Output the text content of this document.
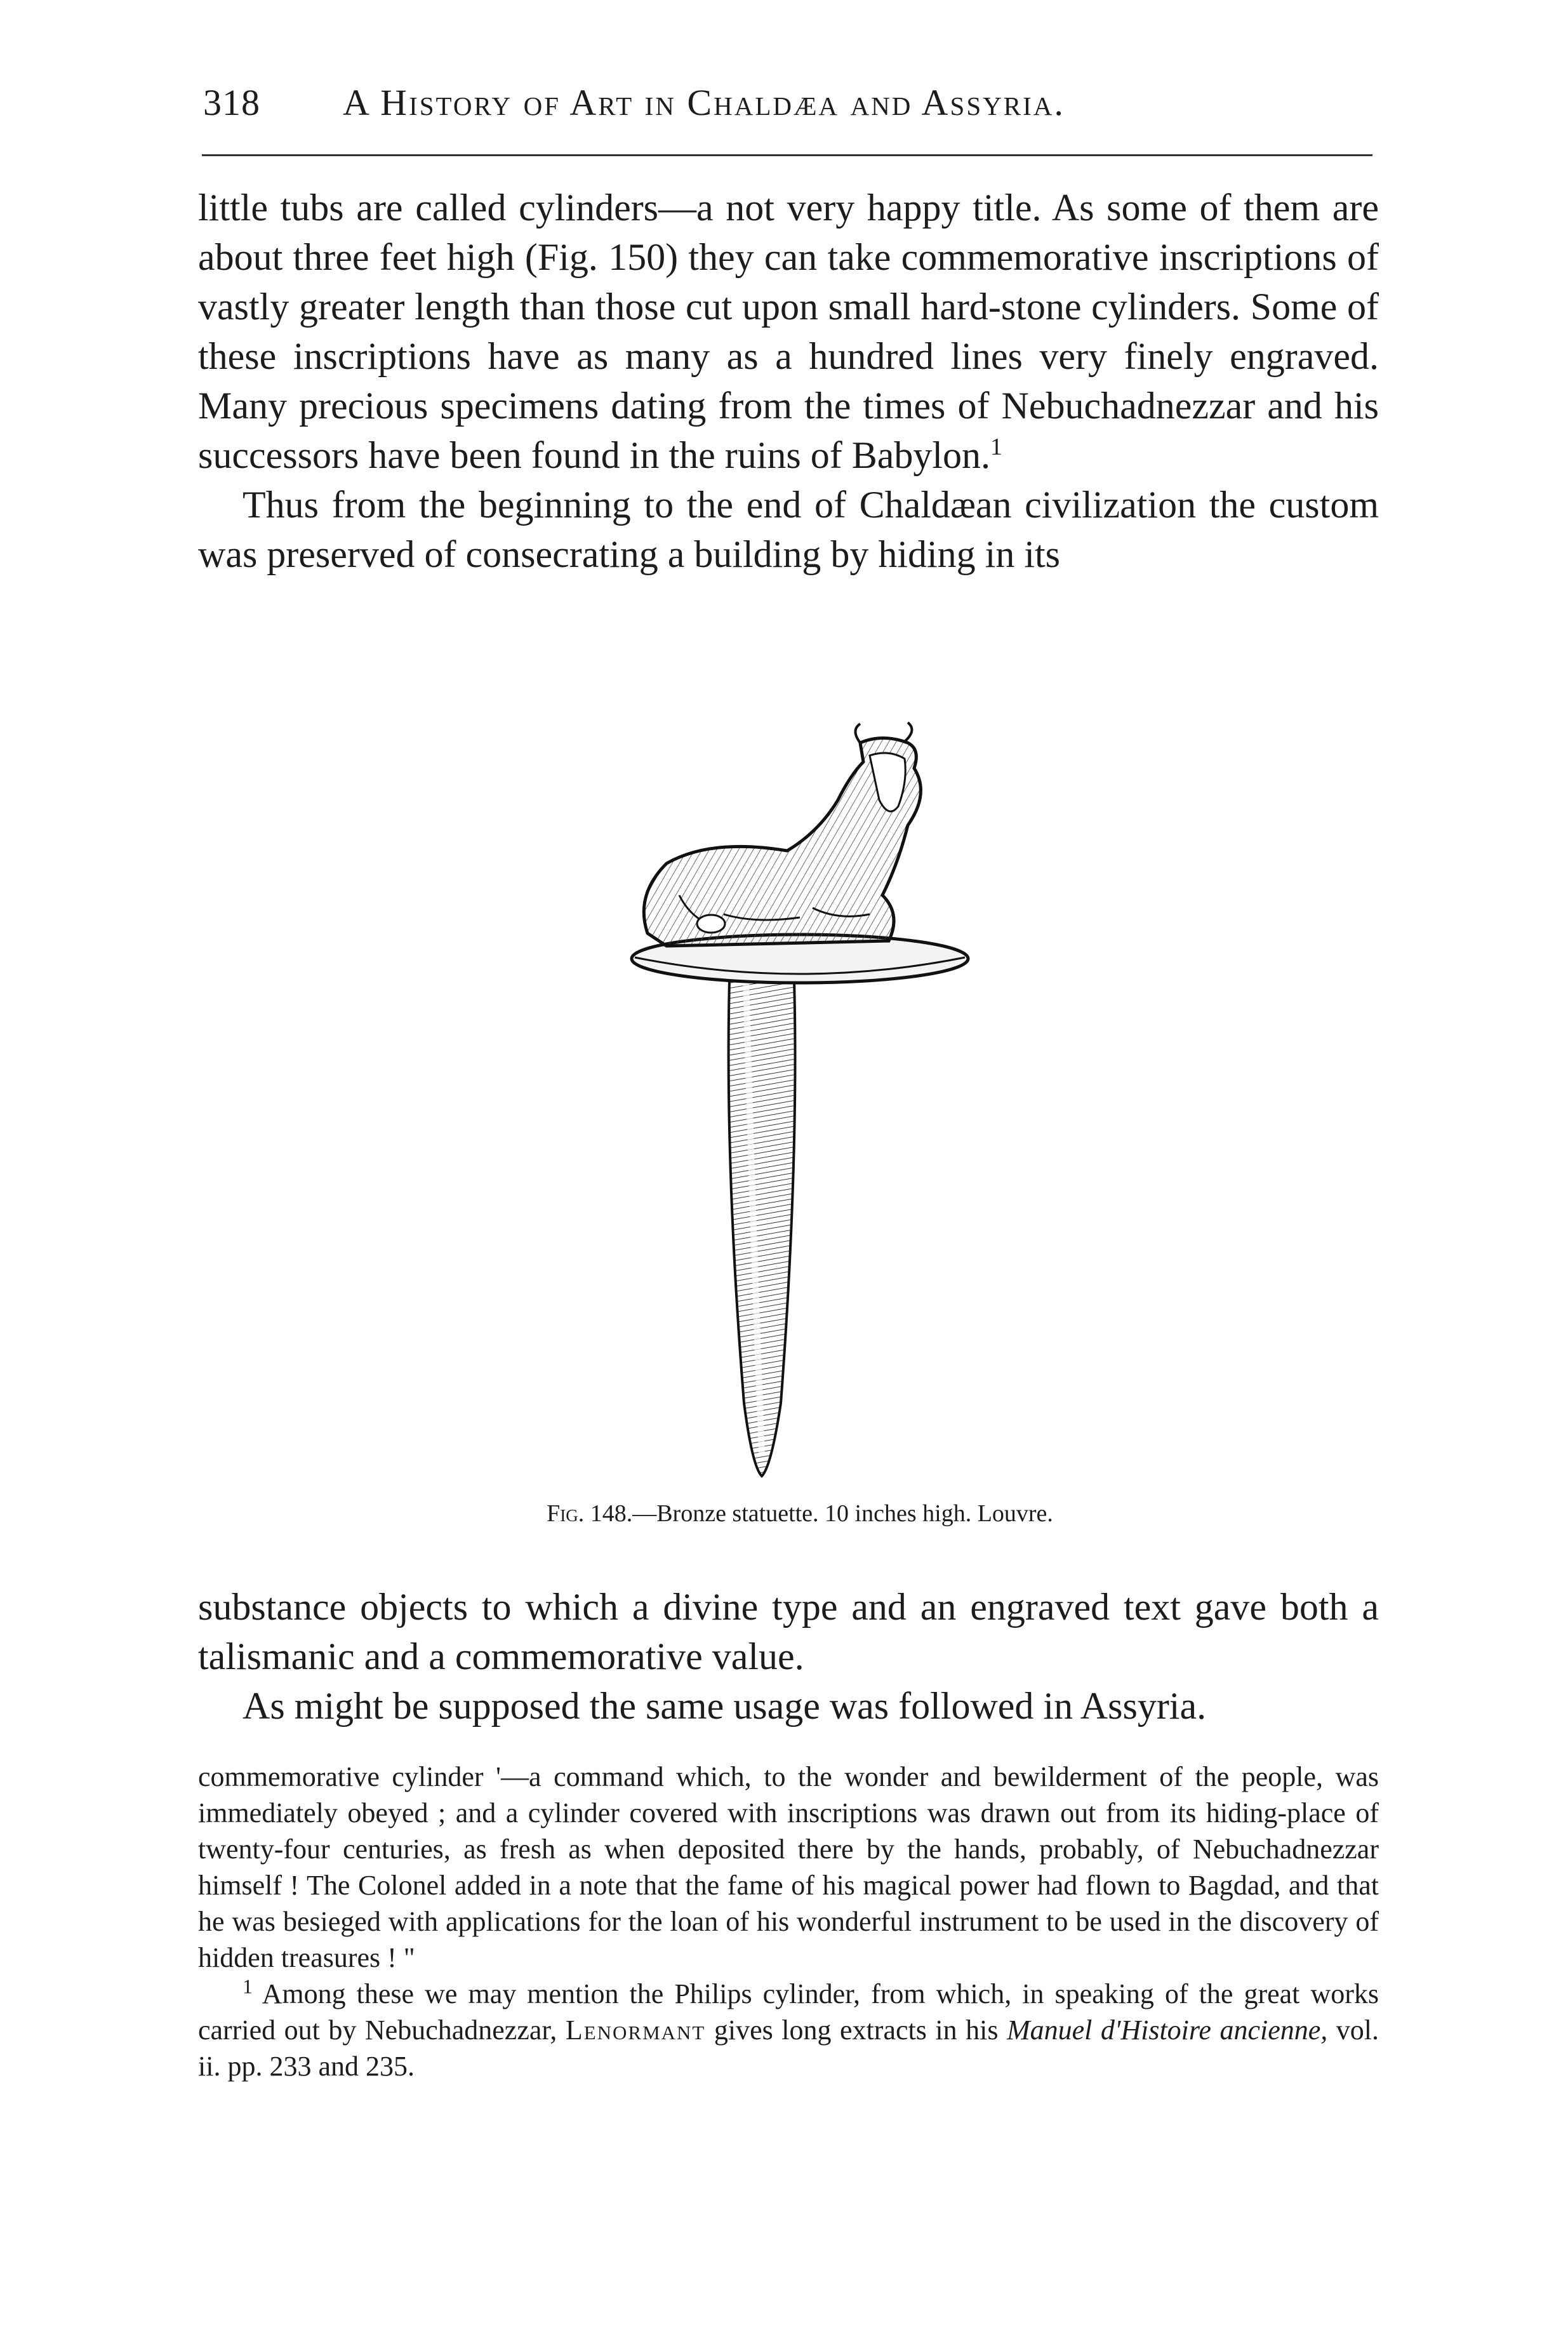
318 A History of Art in Chaldæa and Assyria.

little tubs are called cylinders—a not very happy title. As some of them are about three feet high (Fig. 150) they can take commemorative inscriptions of vastly greater length than those cut upon small hard-stone cylinders. Some of these inscriptions have as many as a hundred lines very finely engraved. Many precious specimens dating from the times of Nebuchadnezzar and his successors have been found in the ruins of Babylon.$^1$

Thus from the beginning to the end of Chaldæan civilization the custom was preserved of consecrating a building by hiding in its

Fig. 148.—Bronze statuette. 10 inches high. Louvre.

substance objects to which a divine type and an engraved text gave both a talismanic and a commemorative value.

As might be supposed the same usage was followed in Assyria.

commemorative cylinder '—a command which, to the wonder and bewilderment of the people, was immediately obeyed ; and a cylinder covered with inscriptions was drawn out from its hiding-place of twenty-four centuries, as fresh as when deposited there by the hands, probably, of Nebuchadnezzar himself ! The Colonel added in a note that the fame of his magical power had flown to Bagdad, and that he was besieged with applications for the loan of his wonderful instrument to be used in the discovery of hidden treasures ! "

$^1$ Among these we may mention the Philips cylinder, from which, in speaking of the great works carried out by Nebuchadnezzar, Lenormant gives long extracts in his Manuel d'Histoire ancienne, vol. ii. pp. 233 and 235.
